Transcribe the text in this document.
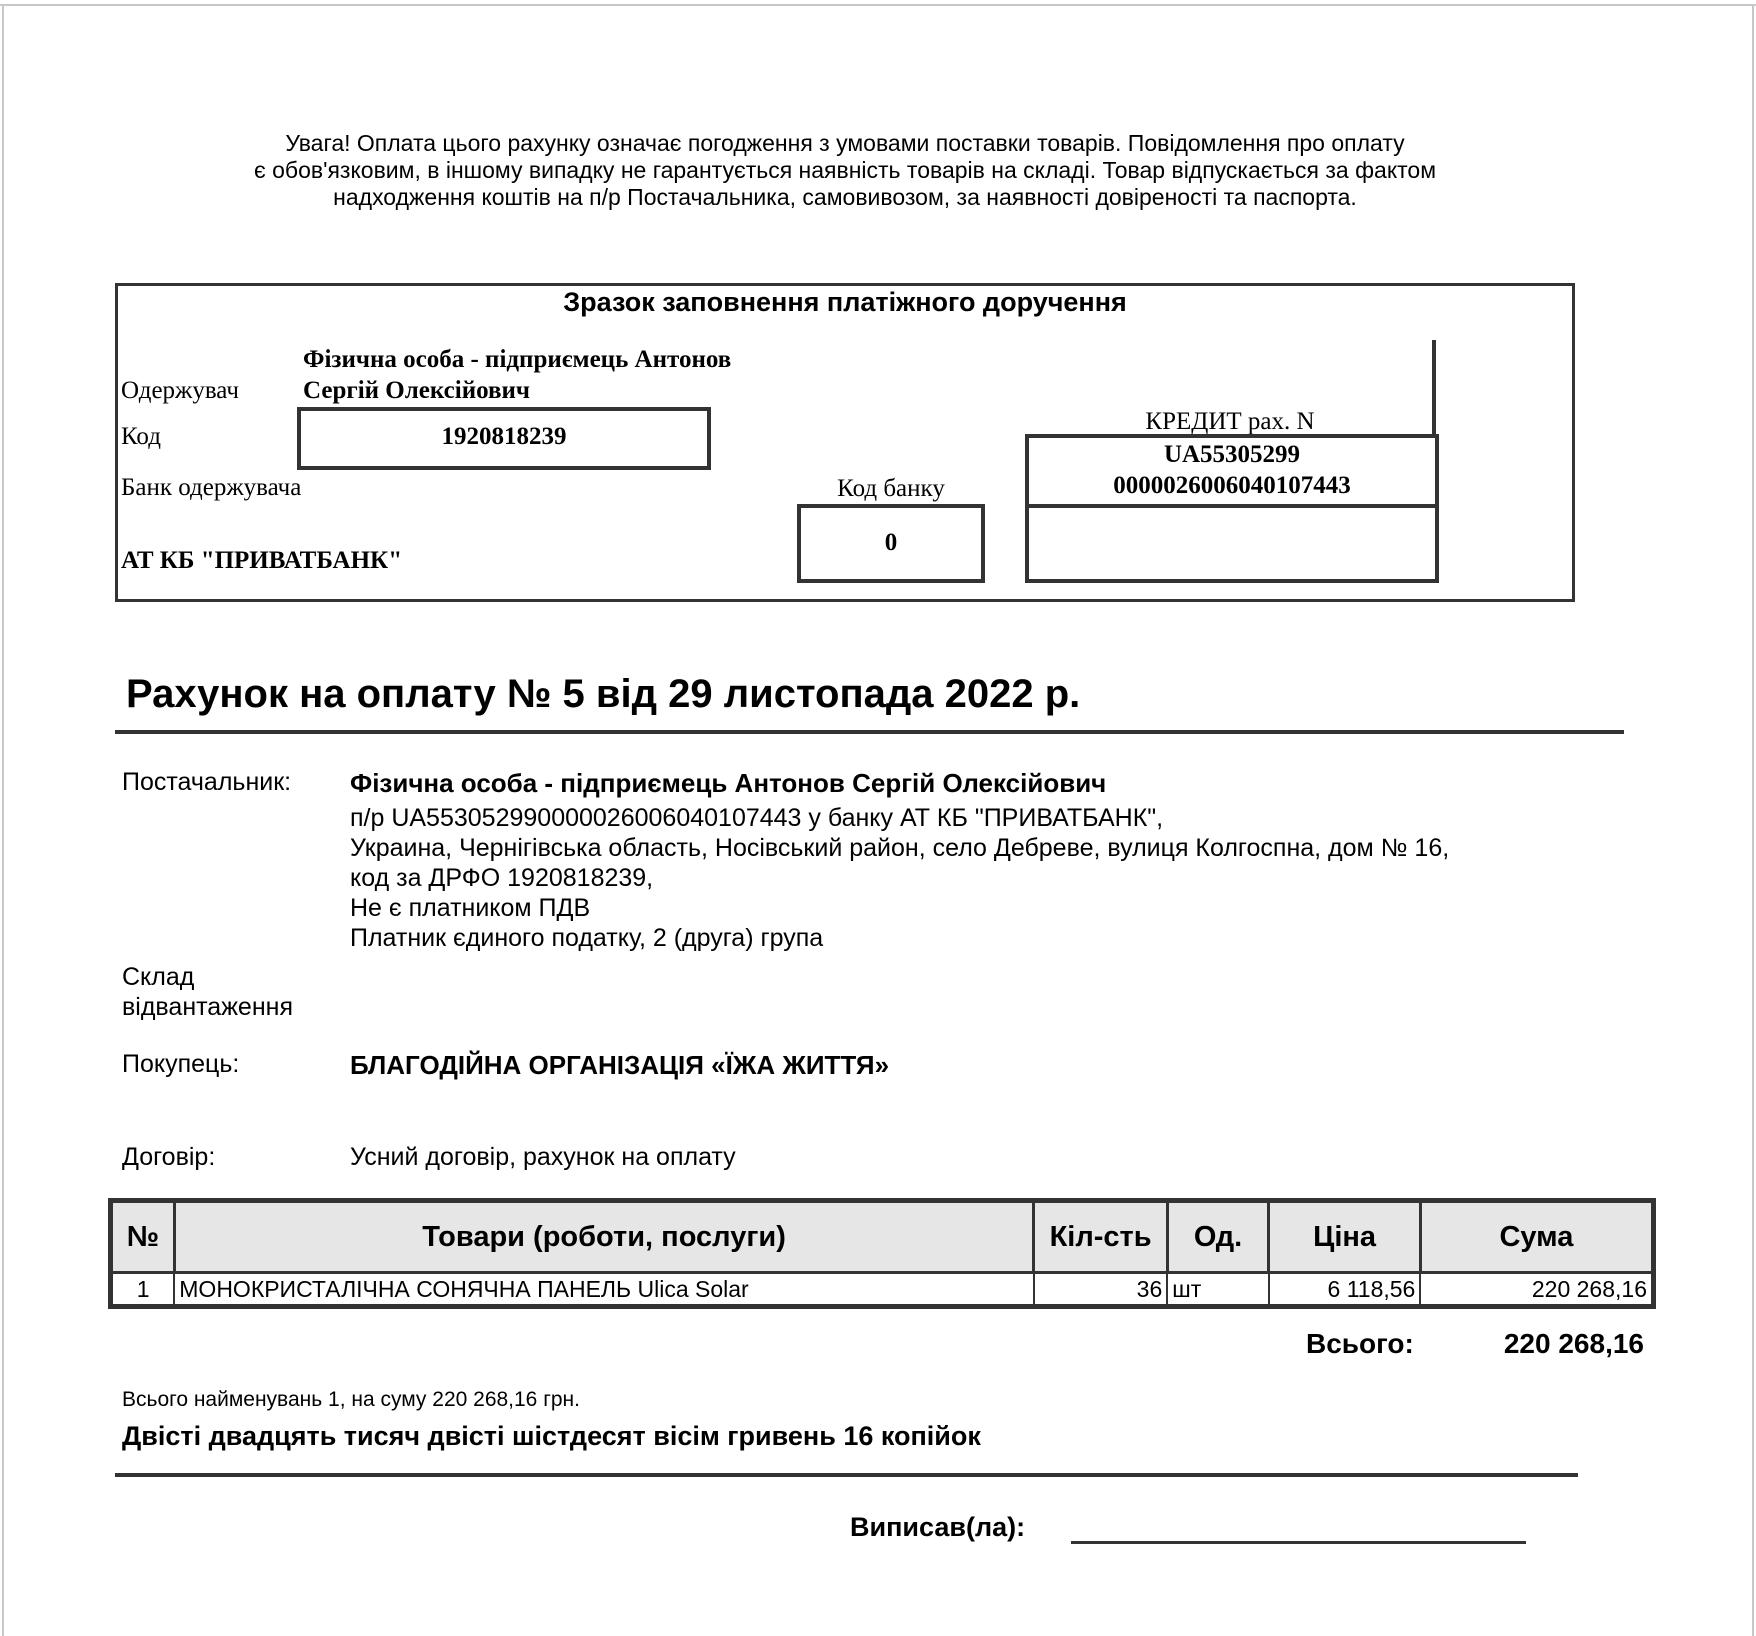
Увага! Оплата цього рахунку означає погодження з умовами поставки товарів. Повідомлення про оплату
є обов'язковим, в іншому випадку не гарантується наявність товарів на складі. Товар відпускається за фактом
надходження коштів на п/р Постачальника, самовивозом, за наявності довіреності та паспорта.
Зразок заповнення платіжного доручення
Фізична особа - підприємець Антонов
Сергій Олексійович
Одержувач
Код	1920818239
Банк одержувача
АТ КБ "ПРИВАТБАНК"
Код банку
0
КРЕДИТ рах. N
UA55305299
0000026006040107443
Рахунок на оплату № 5 від 29 листопада 2022 р.
Постачальник: Фізична особа - підприємець Антонов Сергій Олексійович
п/р UA553052990000026006040107443 у банку АТ КБ "ПРИВАТБАНК",
Украина, Чернігівська область, Носівський район, село Дебреве, вулиця Колгоспна, дом № 16,
код за ДРФО 1920818239,
Не є платником ПДВ
Платник єдиного податку, 2 (друга) група
Склад
відвантаження
Покупець:	БЛАГОДІЙНА ОРГАНІЗАЦІЯ «ЇЖА ЖИТТЯ»
Договір:	Усний договір, рахунок на оплату
№	Товари (роботи, послуги)	Кіл-сть	Од.	Ціна	Сума
1	МОНОКРИСТАЛІЧНА СОНЯЧНА ПАНЕЛЬ Ulica Solar	36	шт	6 118,56	220 268,16
Всього:	220 268,16
Всього найменувань 1, на суму 220 268,16 грн.
Двісті двадцять тисяч двісті шістдесят вісім гривень 16 копійок
Виписав(ла):
